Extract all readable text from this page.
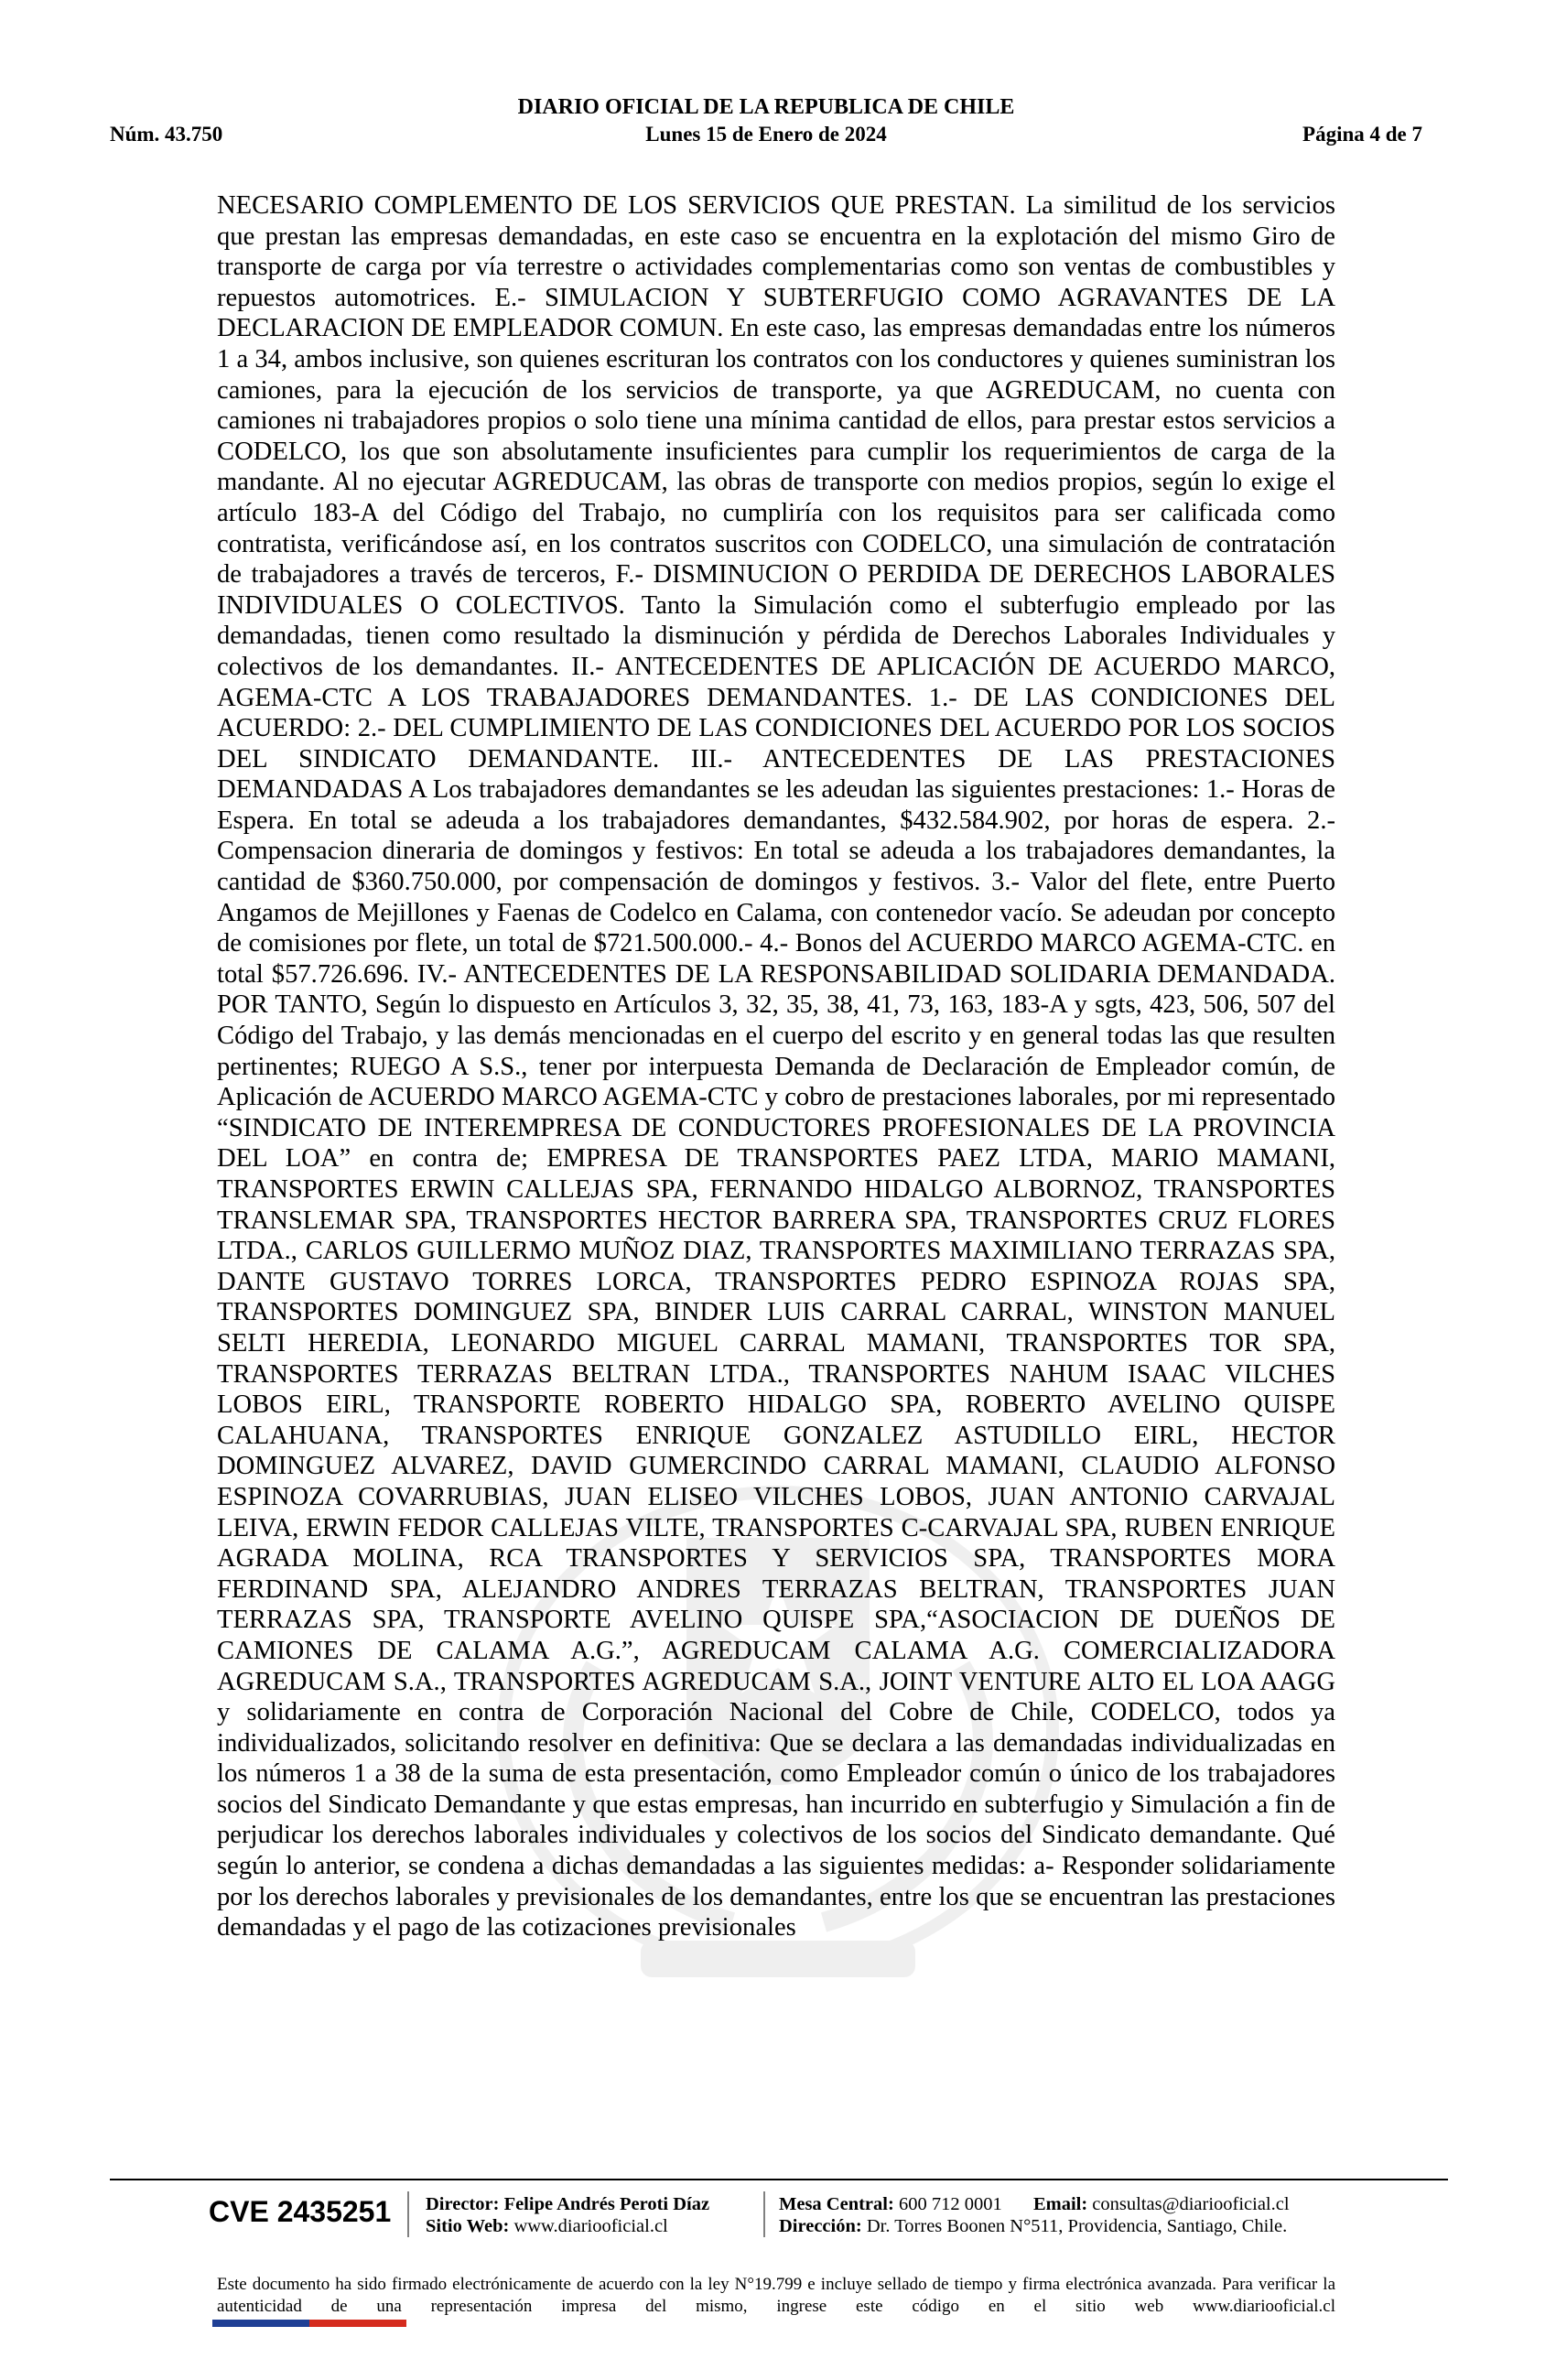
DIARIO OFICIAL DE LA REPUBLICA DE CHILE
Núm. 43.750	Lunes 15 de Enero de 2024	Página 4 de 7

NECESARIO COMPLEMENTO DE LOS SERVICIOS QUE PRESTAN. La similitud de los servicios que prestan las empresas demandadas, en este caso se encuentra en la explotación del mismo Giro de transporte de carga por vía terrestre o actividades complementarias como son ventas de combustibles y repuestos automotrices. E.- SIMULACION Y SUBTERFUGIO COMO AGRAVANTES DE LA DECLARACION DE EMPLEADOR COMUN. En este caso, las empresas demandadas entre los números 1 a 34, ambos inclusive, son quienes escrituran los contratos con los conductores y quienes suministran los camiones, para la ejecución de los servicios de transporte, ya que AGREDUCAM, no cuenta con camiones ni trabajadores propios o solo tiene una mínima cantidad de ellos, para prestar estos servicios a CODELCO, los que son absolutamente insuficientes para cumplir los requerimientos de carga de la mandante. Al no ejecutar AGREDUCAM, las obras de transporte con medios propios, según lo exige el artículo 183-A del Código del Trabajo, no cumpliría con los requisitos para ser calificada como contratista, verificándose así, en los contratos suscritos con CODELCO, una simulación de contratación de trabajadores a través de terceros, F.- DISMINUCION O PERDIDA DE DERECHOS LABORALES INDIVIDUALES O COLECTIVOS. Tanto la Simulación como el subterfugio empleado por las demandadas, tienen como resultado la disminución y pérdida de Derechos Laborales Individuales y colectivos de los demandantes. II.- ANTECEDENTES DE APLICACIÓN DE ACUERDO MARCO, AGEMA-CTC A LOS TRABAJADORES DEMANDANTES. 1.- DE LAS CONDICIONES DEL ACUERDO: 2.- DEL CUMPLIMIENTO DE LAS CONDICIONES DEL ACUERDO POR LOS SOCIOS DEL SINDICATO DEMANDANTE. III.- ANTECEDENTES DE LAS PRESTACIONES DEMANDADAS A Los trabajadores demandantes se les adeudan las siguientes prestaciones: 1.- Horas de Espera. En total se adeuda a los trabajadores demandantes, $432.584.902, por horas de espera. 2.- Compensacion dineraria de domingos y festivos: En total se adeuda a los trabajadores demandantes, la cantidad de $360.750.000, por compensación de domingos y festivos. 3.- Valor del flete, entre Puerto Angamos de Mejillones y Faenas de Codelco en Calama, con contenedor vacío. Se adeudan por concepto de comisiones por flete, un total de $721.500.000.- 4.- Bonos del ACUERDO MARCO AGEMA-CTC. en total $57.726.696. IV.- ANTECEDENTES DE LA RESPONSABILIDAD SOLIDARIA DEMANDADA. POR TANTO, Según lo dispuesto en Artículos 3, 32, 35, 38, 41, 73, 163, 183-A y sgts, 423, 506, 507 del Código del Trabajo, y las demás mencionadas en el cuerpo del escrito y en general todas las que resulten pertinentes; RUEGO A S.S., tener por interpuesta Demanda de Declaración de Empleador común, de Aplicación de ACUERDO MARCO AGEMA-CTC y cobro de prestaciones laborales, por mi representado “SINDICATO DE INTEREMPRESA DE CONDUCTORES PROFESIONALES DE LA PROVINCIA DEL LOA” en contra de; EMPRESA DE TRANSPORTES PAEZ LTDA, MARIO MAMANI, TRANSPORTES ERWIN CALLEJAS SPA, FERNANDO HIDALGO ALBORNOZ, TRANSPORTES TRANSLEMAR SPA, TRANSPORTES HECTOR BARRERA SPA, TRANSPORTES CRUZ FLORES LTDA., CARLOS GUILLERMO MUÑOZ DIAZ, TRANSPORTES MAXIMILIANO TERRAZAS SPA, DANTE GUSTAVO TORRES LORCA, TRANSPORTES PEDRO ESPINOZA ROJAS SPA, TRANSPORTES DOMINGUEZ SPA, BINDER LUIS CARRAL CARRAL, WINSTON MANUEL SELTI HEREDIA, LEONARDO MIGUEL CARRAL MAMANI, TRANSPORTES TOR SPA, TRANSPORTES TERRAZAS BELTRAN LTDA., TRANSPORTES NAHUM ISAAC VILCHES LOBOS EIRL, TRANSPORTE ROBERTO HIDALGO SPA, ROBERTO AVELINO QUISPE CALAHUANA, TRANSPORTES ENRIQUE GONZALEZ ASTUDILLO EIRL, HECTOR DOMINGUEZ ALVAREZ, DAVID GUMERCINDO CARRAL MAMANI, CLAUDIO ALFONSO ESPINOZA COVARRUBIAS, JUAN ELISEO VILCHES LOBOS, JUAN ANTONIO CARVAJAL LEIVA, ERWIN FEDOR CALLEJAS VILTE, TRANSPORTES C-CARVAJAL SPA, RUBEN ENRIQUE AGRADA MOLINA, RCA TRANSPORTES Y SERVICIOS SPA, TRANSPORTES MORA FERDINAND SPA, ALEJANDRO ANDRES TERRAZAS BELTRAN, TRANSPORTES JUAN TERRAZAS SPA, TRANSPORTE AVELINO QUISPE SPA,“ASOCIACION DE DUEÑOS DE CAMIONES DE CALAMA A.G.”, AGREDUCAM CALAMA A.G. COMERCIALIZADORA AGREDUCAM S.A., TRANSPORTES AGREDUCAM S.A., JOINT VENTURE ALTO EL LOA AAGG y solidariamente en contra de Corporación Nacional del Cobre de Chile, CODELCO, todos ya individualizados, solicitando resolver en definitiva: Que se declara a las demandadas individualizadas en los números 1 a 38 de la suma de esta presentación, como Empleador común o único de los trabajadores socios del Sindicato Demandante y que estas empresas, han incurrido en subterfugio y Simulación a fin de perjudicar los derechos laborales individuales y colectivos de los socios del Sindicato demandante. Qué según lo anterior, se condena a dichas demandadas a las siguientes medidas: a- Responder solidariamente por los derechos laborales y previsionales de los demandantes, entre los que se encuentran las prestaciones demandadas y el pago de las cotizaciones previsionales

CVE 2435251 Director: Felipe Andrés Peroti Díaz
Sitio Web: www.diariooficial.cl
Mesa Central: 600 712 0001 Email: consultas@diariooficial.cl
Dirección: Dr. Torres Boonen N°511, Providencia, Santiago, Chile.
Este documento ha sido firmado electrónicamente de acuerdo con la ley N°19.799 e incluye sellado de tiempo y firma electrónica avanzada. Para verificar la autenticidad de una representación impresa del mismo, ingrese este código en el sitio web www.diariooficial.cl
